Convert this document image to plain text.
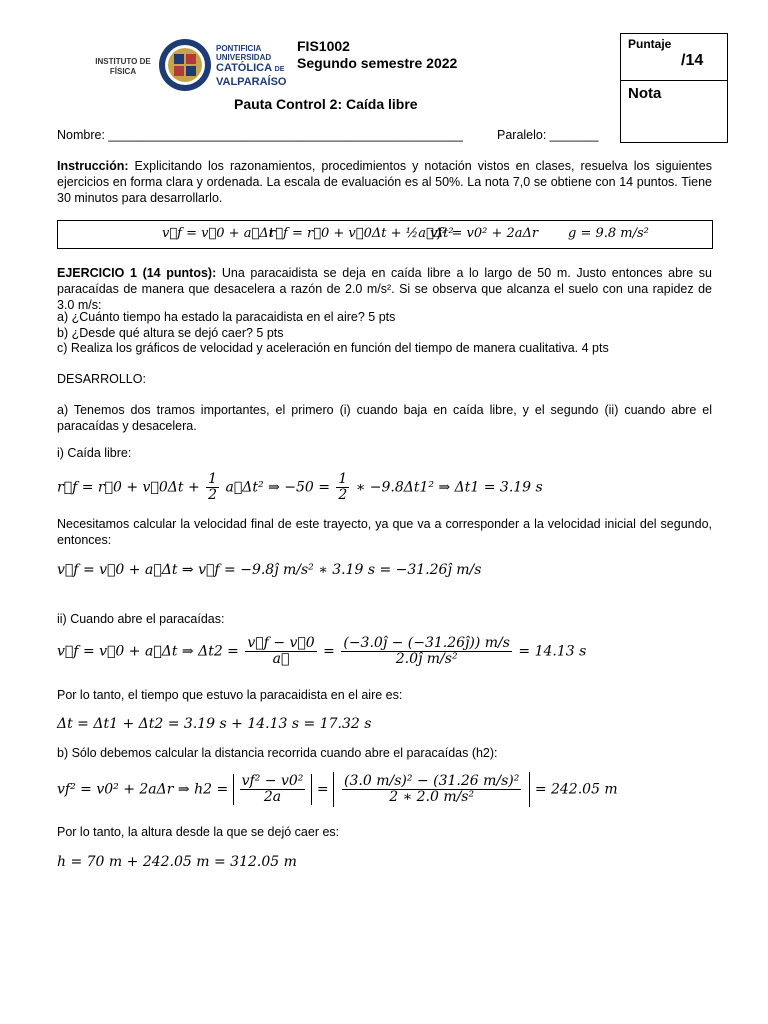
INSTITUTO DE FÍSICA
PONTIFICIA
UNIVERSIDAD
CATÓLICA DE
VALPARAÍSO
FIS1002
Segundo semestre 2022
Pauta Control 2: Caída libre
Puntaje
/14
Nota
Nombre: ___________________________________________________	Paralelo: _______
Instrucción: Explicitando los razonamientos, procedimientos y notación vistos en clases, resuelva los siguientes ejercicios en forma clara y ordenada. La escala de evaluación es al 50%. La nota 7,0 se obtiene con 14 puntos. Tiene 30 minutos para desarrollarlo.
v⃗f = v⃗0 + a⃗Δt
r⃗f = r⃗0 + v⃗0Δt + ½a⃗Δt²
vf² = v0² + 2aΔr g = 9.8 m/s²
EJERCICIO 1 (14 puntos): Una paracaidista se deja en caída libre a lo largo de 50 m. Justo entonces abre su paracaídas de manera que desacelera a razón de 2.0 m/s². Si se observa que alcanza el suelo con una rapidez de 3.0 m/s:
a) ¿Cuánto tiempo ha estado la paracaidista en el aire? 5 pts
b) ¿Desde qué altura se dejó caer? 5 pts
c) Realiza los gráficos de velocidad y aceleración en función del tiempo de manera cualitativa. 4 pts
DESARROLLO:
a) Tenemos dos tramos importantes, el primero (i) cuando baja en caída libre, y el segundo (ii) cuando abre el paracaídas y desacelera.
i) Caída libre:
r⃗f = r⃗0 + v⃗0Δt + $\frac{1}{2}$ a⃗Δt² ⇒ $-50 = \frac{1}{2}$ ∗ −9.8Δt1² ⇒ Δt1 = 3.19 s
Necesitamos calcular la velocidad final de este trayecto, ya que va a corresponder a la velocidad inicial del segundo, entonces:
v⃗f = v⃗0 + a⃗Δt ⇒ v⃗f = −9.8ĵ m/s² ∗ 3.19 s = −31.26ĵ m/s
ii) Cuando abre el paracaídas:
v⃗f = v⃗0 + a⃗Δt ⇒ $\Delta t2 = \frac{v⃗f - v⃗0}{a⃗} = \frac{(-3.0ĵ - (-31.26ĵ)) m/s}{\text{2.0ĵ m/s²}} = 14.13$ s
Por lo tanto, el tiempo que estuvo la paracaidista en el aire es:
Δt = Δt1 + Δt2 = 3.19 s + 14.13 s = 17.32 s
b) Sólo debemos calcular la distancia recorrida cuando abre el paracaídas (h2):
vf² = v0² + 2aΔr ⇒ $h2 = \frac{\text{vf² − v0²}}{2a} = \frac{\text{(3.0 m/s)² − (31.26 m/s)²}}{\text{2 ∗ 2.0 m/s²}} = 242.05$ m
Por lo tanto, la altura desde la que se dejó caer es:
h = 70 m + 242.05 m = 312.05 m
